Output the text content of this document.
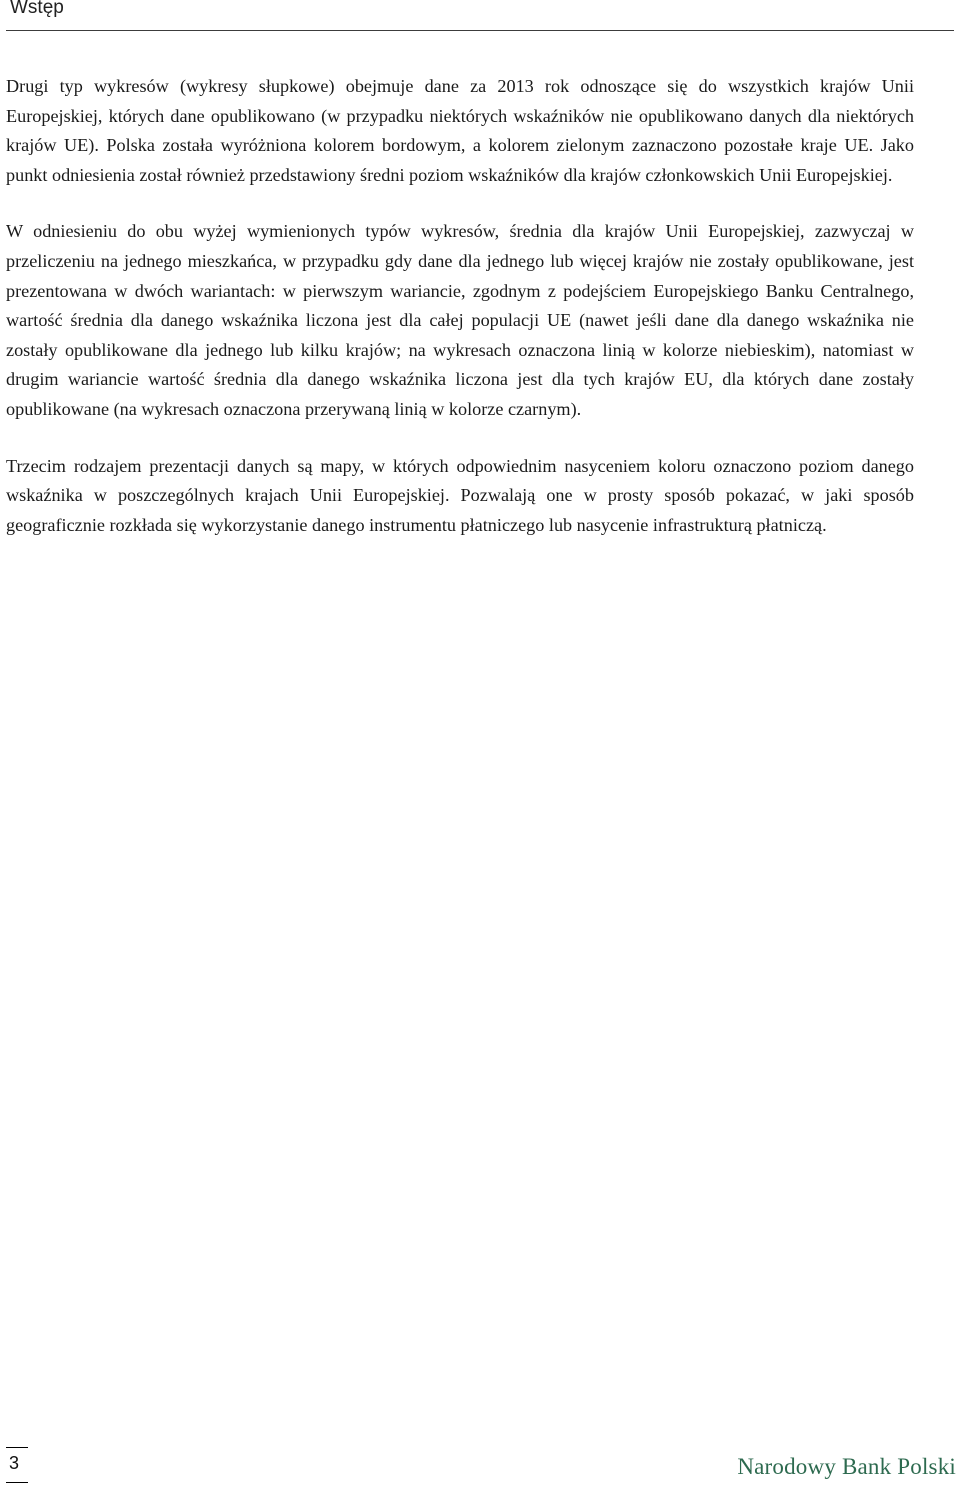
Wstęp

Drugi typ wykresów (wykresy słupkowe) obejmuje dane za 2013 rok odnoszące się do wszystkich krajów Unii Europejskiej, których dane opublikowano (w przypadku niektórych wskaźników nie opublikowano danych dla niektórych krajów UE). Polska została wyróżniona kolorem bordowym, a kolorem zielonym zaznaczono pozostałe kraje UE. Jako punkt odniesienia został również przedstawiony średni poziom wskaźników dla krajów członkowskich Unii Europejskiej.

W odniesieniu do obu wyżej wymienionych typów wykresów, średnia dla krajów Unii Europejskiej, zazwyczaj w przeliczeniu na jednego mieszkańca, w przypadku gdy dane dla jednego lub więcej krajów nie zostały opublikowane, jest prezentowana w dwóch wariantach: w pierwszym wariancie, zgodnym z podejściem Europejskiego Banku Centralnego, wartość średnia dla danego wskaźnika liczona jest dla całej populacji UE (nawet jeśli dane dla danego wskaźnika nie zostały opublikowane dla jednego lub kilku krajów; na wykresach oznaczona linią w kolorze niebieskim), natomiast w drugim wariancie wartość średnia dla danego wskaźnika liczona jest dla tych krajów EU, dla których dane zostały opublikowane (na wykresach oznaczona przerywaną linią w kolorze czarnym).

Trzecim rodzajem prezentacji danych są mapy, w których odpowiednim nasyceniem koloru oznaczono poziom danego wskaźnika w poszczególnych krajach Unii Europejskiej. Pozwalają one w prosty sposób pokazać, w jaki sposób geograficznie rozkłada się wykorzystanie danego instrumentu płatniczego lub nasycenie infrastrukturą płatniczą.

3	Narodowy Bank Polski
